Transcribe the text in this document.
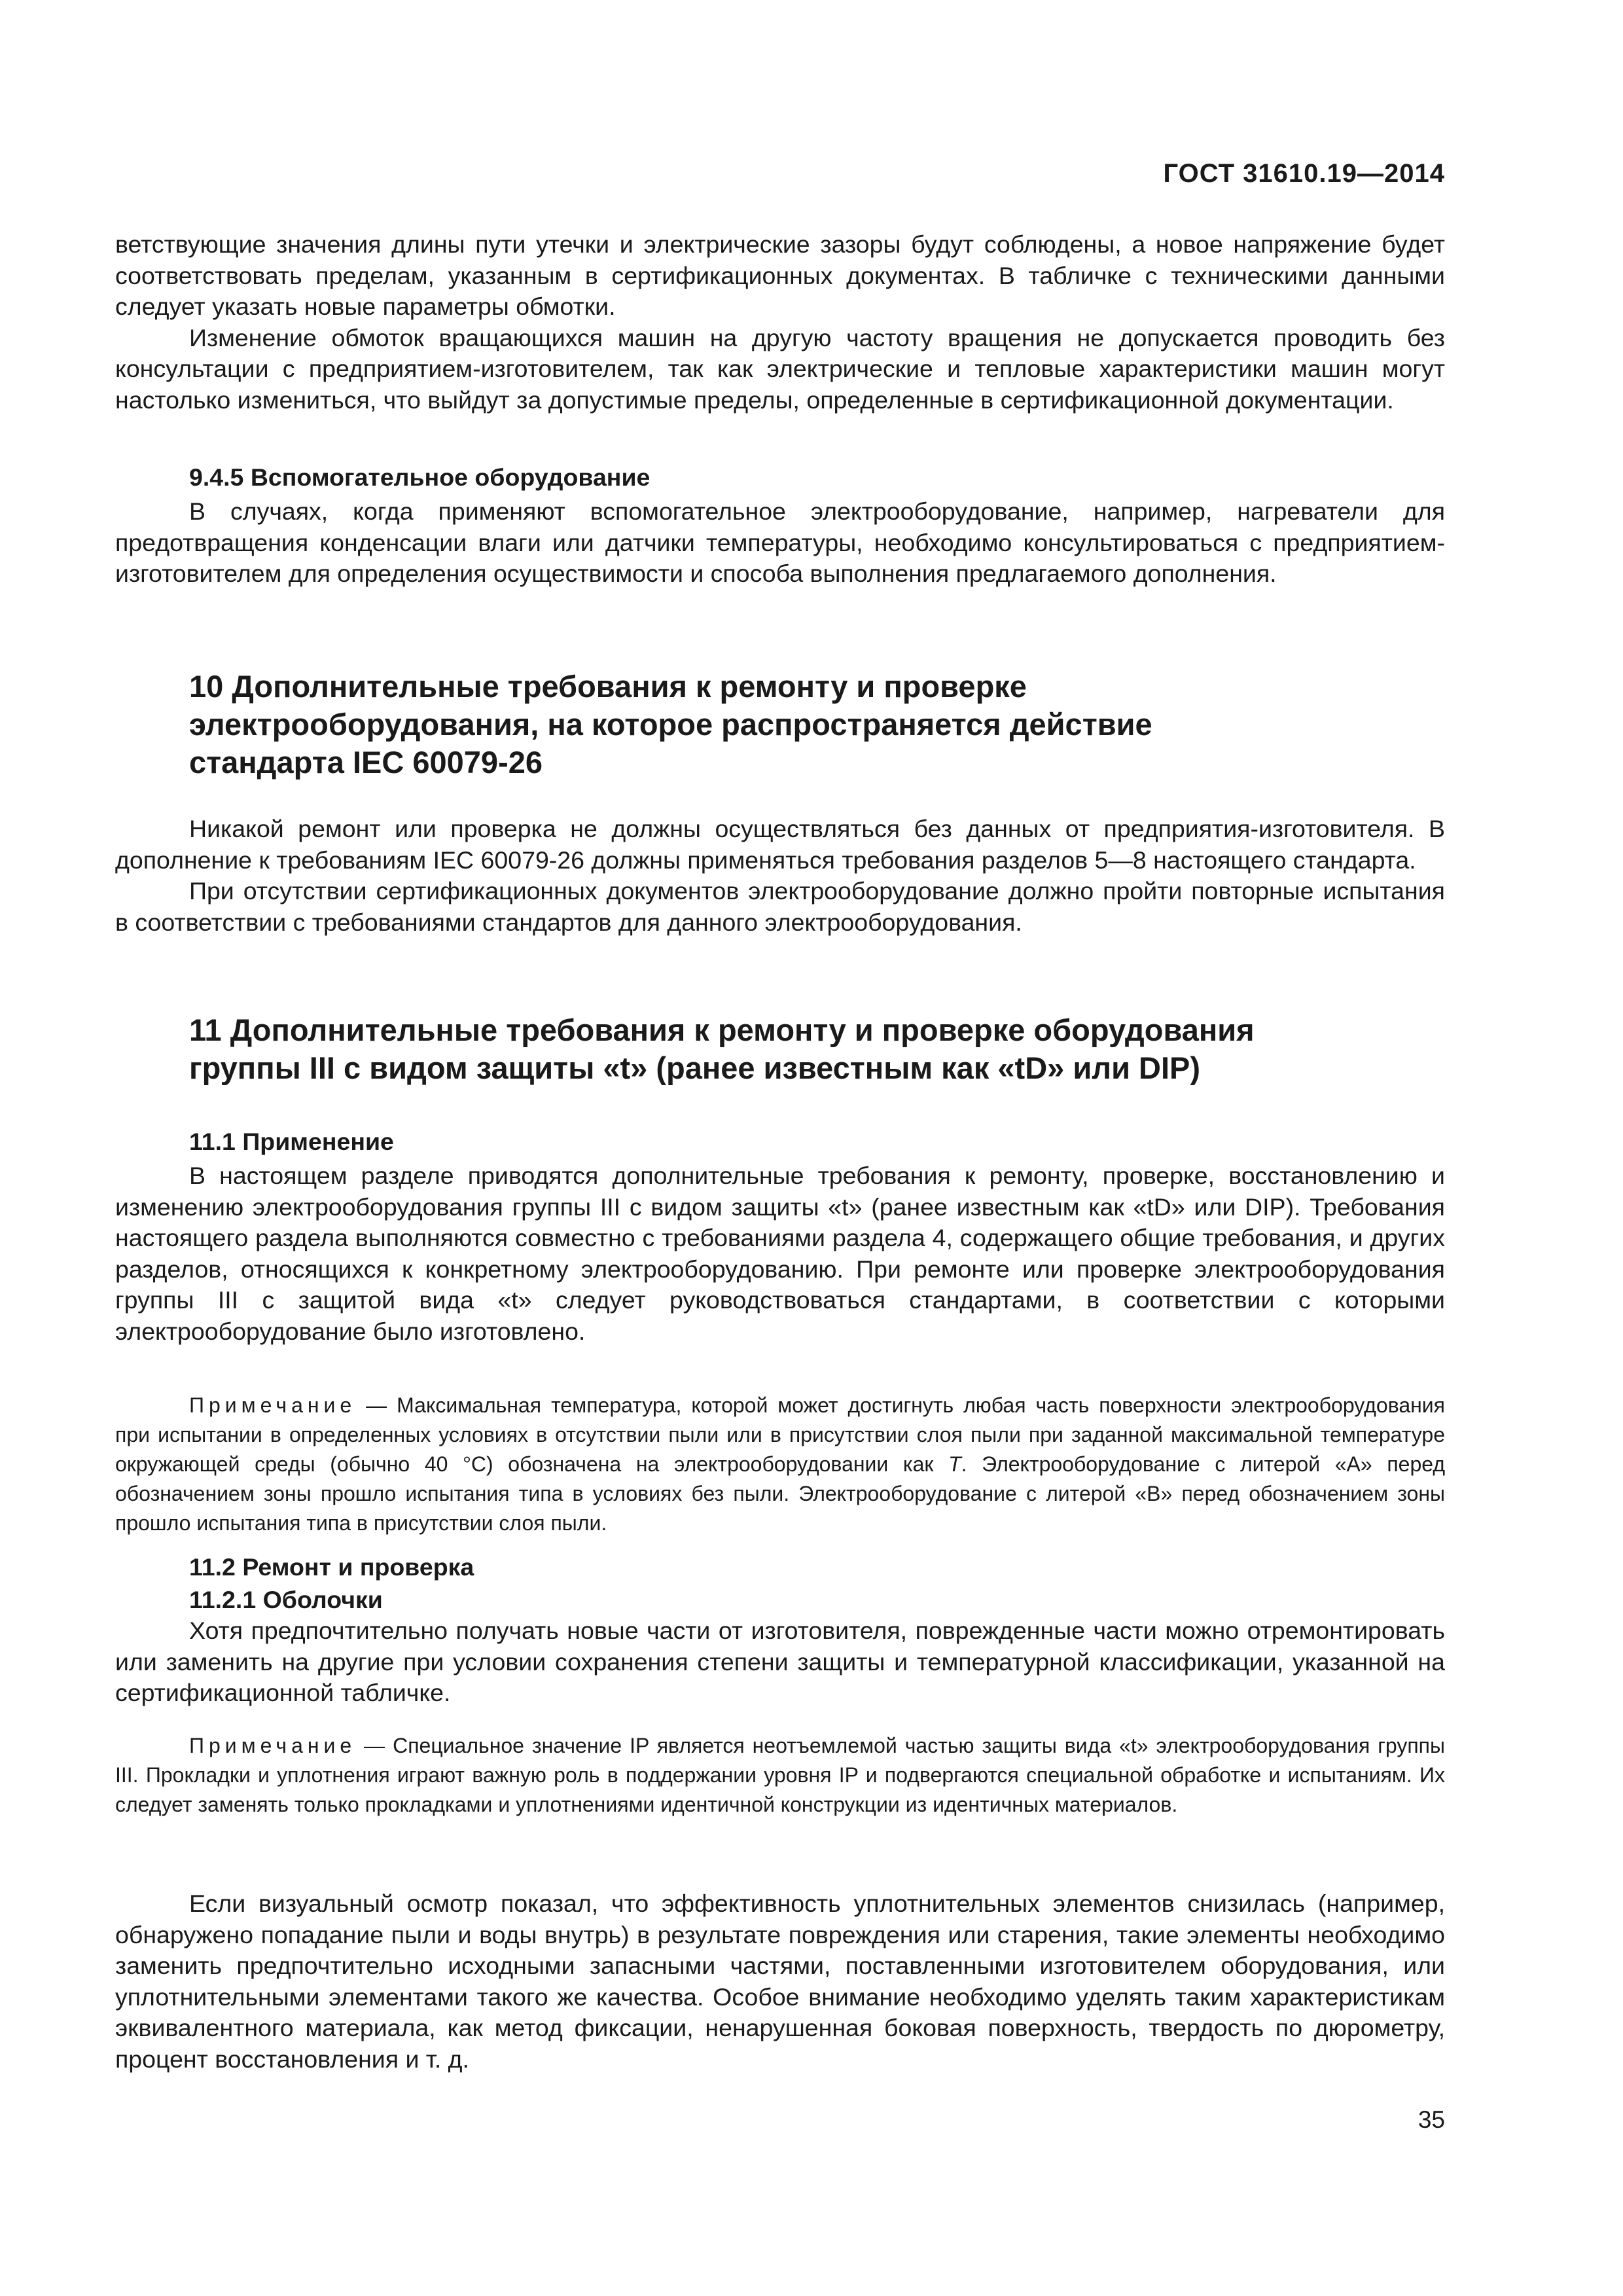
ГОСТ 31610.19—2014

ветствующие значения длины пути утечки и электрические зазоры будут соблюдены, а новое напряжение будет соответствовать пределам, указанным в сертификационных документах. В табличке с техническими данными следует указать новые параметры обмотки.

Изменение обмоток вращающихся машин на другую частоту вращения не допускается проводить без консультации с предприятием-изготовителем, так как электрические и тепловые характеристики машин могут настолько измениться, что выйдут за допустимые пределы, определенные в сертификационной документации.

9.4.5 Вспомогательное оборудование

В случаях, когда применяют вспомогательное электрооборудование, например, нагреватели для предотвращения конденсации влаги или датчики температуры, необходимо консультироваться с предприятием-изготовителем для определения осуществимости и способа выполнения предлагаемого дополнения.

10 Дополнительные требования к ремонту и проверке
электрооборудования, на которое распространяется действие
стандарта IEC 60079-26

Никакой ремонт или проверка не должны осуществляться без данных от предприятия-изготовителя. В дополнение к требованиям IEC 60079-26 должны применяться требования разделов 5—8 настоящего стандарта.

При отсутствии сертификационных документов электрооборудование должно пройти повторные испытания в соответствии с требованиями стандартов для данного электрооборудования.

11 Дополнительные требования к ремонту и проверке оборудования
группы III с видом защиты «t» (ранее известным как «tD» или DIP)
11.1 Применение

В настоящем разделе приводятся дополнительные требования к ремонту, проверке, восстановлению и изменению электрооборудования группы III с видом защиты «t» (ранее известным как «tD» или DIP). Требования настоящего раздела выполняются совместно с требованиями раздела 4, содержащего общие требования, и других разделов, относящихся к конкретному электрооборудованию. При ремонте или проверке электрооборудования группы III с защитой вида «t» следует руководствоваться стандартами, в соответствии с которыми электрооборудование было изготовлено.

Примечание — Максимальная температура, которой может достигнуть любая часть поверхности электрооборудования при испытании в определенных условиях в отсутствии пыли или в присутствии слоя пыли при заданной максимальной температуре окружающей среды (обычно 40 °С) обозначена на электрооборудовании как Т. Электрооборудование с литерой «А» перед обозначением зоны прошло испытания типа в условиях без пыли. Электрооборудование с литерой «В» перед обозначением зоны прошло испытания типа в присутствии слоя пыли.

11.2 Ремонт и проверка
11.2.1 Оболочки

Хотя предпочтительно получать новые части от изготовителя, поврежденные части можно отремонтировать или заменить на другие при условии сохранения степени защиты и температурной классификации, указанной на сертификационной табличке.

Примечание — Специальное значение IP является неотъемлемой частью защиты вида «t» электрооборудования группы III. Прокладки и уплотнения играют важную роль в поддержании уровня IP и подвергаются специальной обработке и испытаниям. Их следует заменять только прокладками и уплотнениями идентичной конструкции из идентичных материалов.

Если визуальный осмотр показал, что эффективность уплотнительных элементов снизилась (например, обнаружено попадание пыли и воды внутрь) в результате повреждения или старения, такие элементы необходимо заменить предпочтительно исходными запасными частями, поставленными изготовителем оборудования, или уплотнительными элементами такого же качества. Особое внимание необходимо уделять таким характеристикам эквивалентного материала, как метод фиксации, ненарушенная боковая поверхность, твердость по дюрометру, процент восстановления и т. д.

35
